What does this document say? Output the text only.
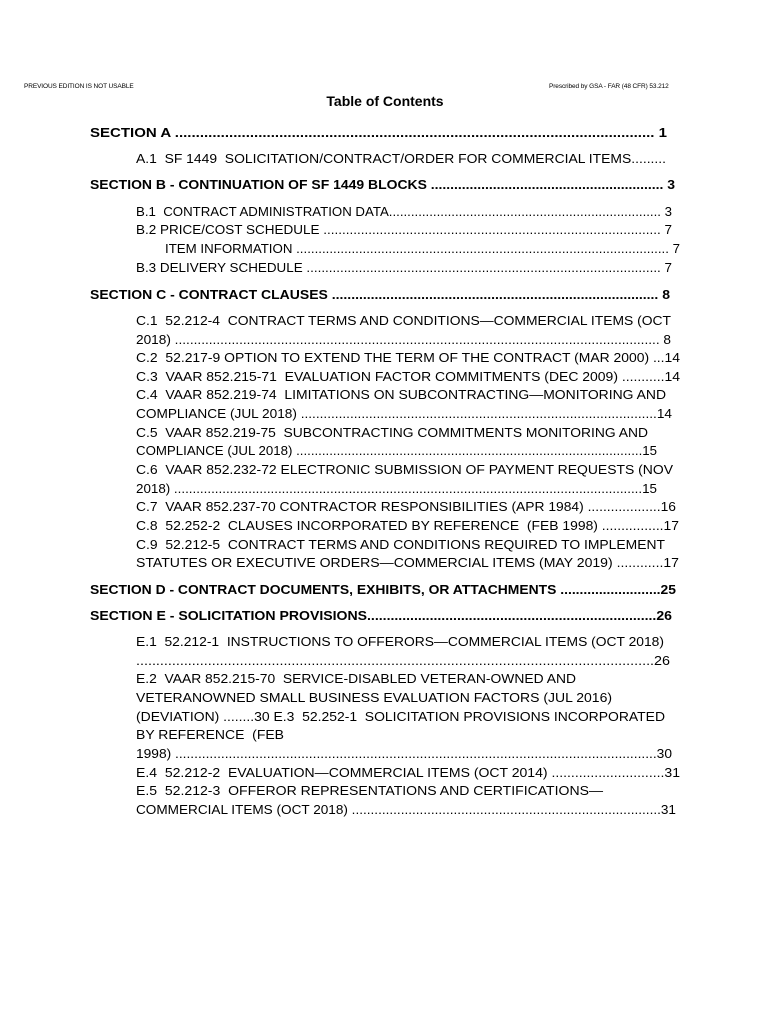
PREVIOUS EDITION IS NOT USABLE	Prescribed by GSA - FAR (48 CFR) 53.212
Table of Contents
SECTION A ................................................................................................................... 1
A.1  SF 1449  SOLICITATION/CONTRACT/ORDER FOR COMMERCIAL ITEMS.........
SECTION B - CONTINUATION OF SF 1449 BLOCKS ............................................................ 3
B.1  CONTRACT ADMINISTRATION DATA.......................................................................... 3
B.2 PRICE/COST SCHEDULE .......................................................................................... 7
ITEM INFORMATION ..................................................................................................... 7
B.3 DELIVERY SCHEDULE ............................................................................................... 7
SECTION C - CONTRACT CLAUSES .................................................................................... 8
C.1  52.212-4  CONTRACT TERMS AND CONDITIONS—COMMERCIAL ITEMS (OCT
2018) ................................................................................................................................ 8
C.2  52.217-9 OPTION TO EXTEND THE TERM OF THE CONTRACT (MAR 2000) ...14
C.3  VAAR 852.215-71  EVALUATION FACTOR COMMITMENTS (DEC 2009) ...........14
C.4  VAAR 852.219-74  LIMITATIONS ON SUBCONTRACTING—MONITORING AND
COMPLIANCE (JUL 2018) ..............................................................................................14
C.5  VAAR 852.219-75  SUBCONTRACTING COMMITMENTS MONITORING AND
COMPLIANCE (JUL 2018) ..............................................................................................15
C.6  VAAR 852.232-72 ELECTRONIC SUBMISSION OF PAYMENT REQUESTS (NOV
2018) ..............................................................................................................................15
C.7  VAAR 852.237-70 CONTRACTOR RESPONSIBILITIES (APR 1984) ...................16
C.8  52.252-2  CLAUSES INCORPORATED BY REFERENCE  (FEB 1998) ................17
C.9  52.212-5  CONTRACT TERMS AND CONDITIONS REQUIRED TO IMPLEMENT
STATUTES OR EXECUTIVE ORDERS—COMMERCIAL ITEMS (MAY 2019) ............17
SECTION D - CONTRACT DOCUMENTS, EXHIBITS, OR ATTACHMENTS ..........................25
SECTION E - SOLICITATION PROVISIONS..........................................................................26
E.1  52.212-1  INSTRUCTIONS TO OFFERORS—COMMERCIAL ITEMS (OCT 2018)
..................................................................................................................................26
E.2  VAAR 852.215-70  SERVICE-DISABLED VETERAN-OWNED AND
VETERANOWNED SMALL BUSINESS EVALUATION FACTORS (JUL 2016)
(DEVIATION) ........30 E.3  52.252-1  SOLICITATION PROVISIONS INCORPORATED
BY REFERENCE  (FEB
1998) ..............................................................................................................................30
E.4  52.212-2  EVALUATION—COMMERCIAL ITEMS (OCT 2014) .............................31
E.5  52.212-3  OFFEROR REPRESENTATIONS AND CERTIFICATIONS—
COMMERCIAL ITEMS (OCT 2018) ..................................................................................31
